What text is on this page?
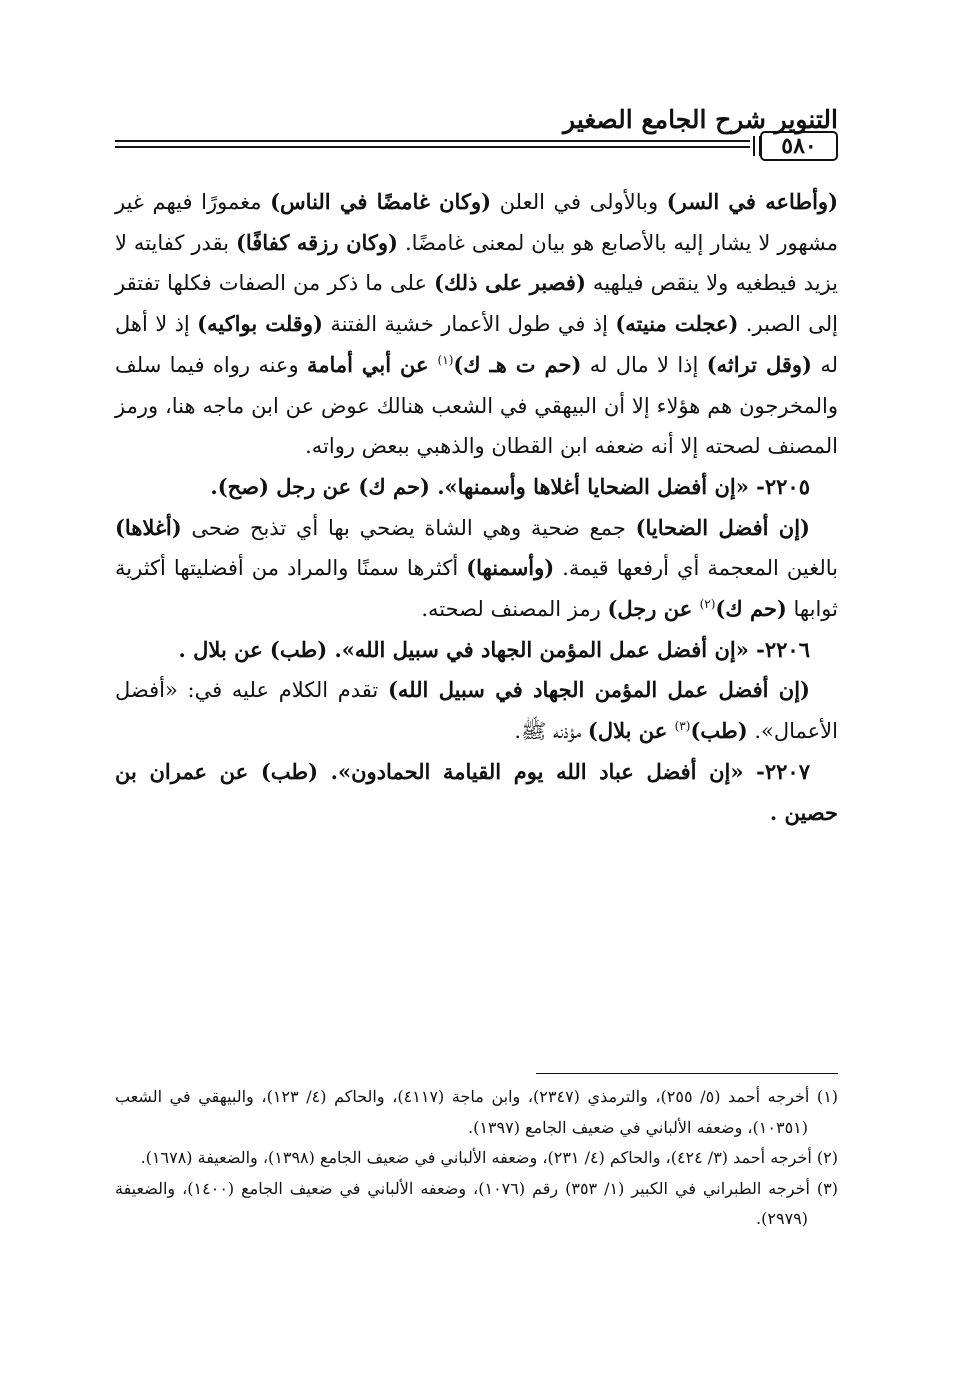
التنوير شرح الجامع الصغير
٥٨٠

(وأطاعه في السر) وبالأولى في العلن (وكان غامضًا في الناس) مغمورًا فيهم غير مشهور لا يشار إليه بالأصابع هو بيان لمعنى غامضًا. (وكان رزقه كفافًا) بقدر كفايته لا يزيد فيطغيه ولا ينقص فيلهيه (فصبر على ذلك) على ما ذكر من الصفات فكلها تفتقر إلى الصبر. (عجلت منيته) إذ في طول الأعمار خشية الفتنة (وقلت بواكيه) إذ لا أهل له (وقل تراثه) إذا لا مال له (حم ت هـ ك)$^{(١)}$ عن أبي أمامة وعنه رواه فيما سلف والمخرجون هم هؤلاء إلا أن البيهقي في الشعب هنالك عوض عن ابن ماجه هنا، ورمز المصنف لصحته إلا أنه ضعفه ابن القطان والذهبي ببعض رواته.

٢٢٠٥- «إن أفضل الضحايا أغلاها وأسمنها». (حم ك) عن رجل (صح).

(إن أفضل الضحايا) جمع ضحية وهي الشاة يضحي بها أي تذبح ضحى (أغلاها) بالغين المعجمة أي أرفعها قيمة. (وأسمنها) أكثرها سمنًا والمراد من أفضليتها أكثرية ثوابها (حم ك)$^{(٢)}$ عن رجل) رمز المصنف لصحته.

٢٢٠٦- «إن أفضل عمل المؤمن الجهاد في سبيل الله». (طب) عن بلال .

(إن أفضل عمل المؤمن الجهاد في سبيل الله) تقدم الكلام عليه في: «أفضل الأعمال». (طب)$^{(٣)}$ عن بلال) مؤذنه ﷺ.

٢٢٠٧- «إن أفضل عباد الله يوم القيامة الحمادون». (طب) عن عمران بن حصين .

(١) أخرجه أحمد (٥/ ٢٥٥)، والترمذي (٢٣٤٧)، وابن ماجة (٤١١٧)، والحاكم (٤/ ١٢٣)، والبيهقي في الشعب (١٠٣٥١)، وضعفه الألباني في ضعيف الجامع (١٣٩٧).

(٢) أخرجه أحمد (٣/ ٤٢٤)، والحاكم (٤/ ٢٣١)، وضعفه الألباني في ضعيف الجامع (١٣٩٨)، والضعيفة (١٦٧٨).

(٣) أخرجه الطبراني في الكبير (١/ ٣٥٣) رقم (١٠٧٦)، وضعفه الألباني في ضعيف الجامع (١٤٠٠)، والضعيفة (٢٩٧٩).
